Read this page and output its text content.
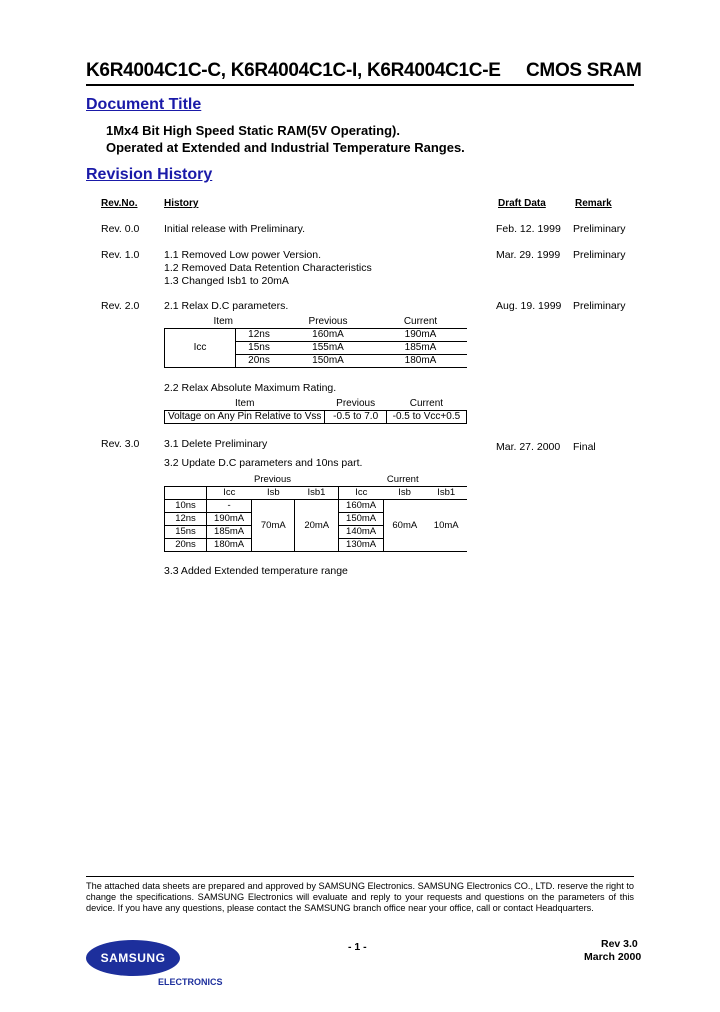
K6R4004C1C-C, K6R4004C1C-I, K6R4004C1C-E CMOS SRAM
Document Title
1Mx4 Bit High Speed Static RAM(5V Operating).
Operated at Extended and Industrial Temperature Ranges.
Revision History
Rev.No.	History	Draft Data	Remark
Rev. 0.0 Initial release with Preliminary.	Feb. 12. 1999 Preliminary
Rev. 1.0 1.1 Removed Low power Version.
1.2 Removed Data Retention Characteristics
1.3 Changed Isb1 to 20mA
Mar. 29. 1999 Preliminary
Rev. 2.0 2.1 Relax D.C parameters.	Aug. 19. 1999 Preliminary
Item		Previous	Current
Icc	12ns	160mA	190mA
	15ns	155mA	185mA
	20ns	150mA	180mA
2.2 Relax Absolute Maximum Rating.
Item	Previous	Current
Voltage on Any Pin Relative to Vss	-0.5 to 7.0	-0.5 to Vcc+0.5
Rev. 3.0 3.1 Delete Preliminary	Mar. 27. 2000 Final
3.2 Update D.C parameters and 10ns part.
	Previous			Current		
	Icc	Isb	Isb1	Icc	Isb	Isb1
10ns	-	70mA	20mA	160mA	60mA	10mA
12ns	190mA			150mA		
15ns	185mA			140mA		
20ns	180mA			130mA		
3.3 Added Extended temperature range
The attached data sheets are prepared and approved by SAMSUNG Electronics. SAMSUNG Electronics CO., LTD. reserve the right to change the specifications. SAMSUNG Electronics will evaluate and reply to your requests and questions on the parameters of this device. If you have any questions, please contact the SAMSUNG branch office near your office, call or contact Headquarters.
SAMSUNG
ELECTRONICS
- 1 -	Rev 3.0
March 2000
